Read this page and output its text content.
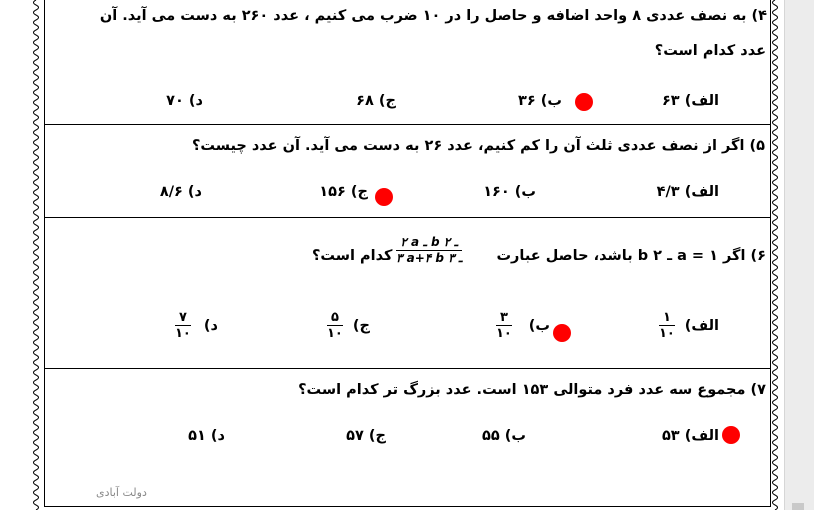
۴) به نصف عددی ۸ واحد اضافه و حاصل را در ۱۰ ضرب می کنیم ، عدد ۲۶۰ به دست می آید. آن
عدد کدام است؟
الف) ۶۳
ب) ۳۶
ج) ۶۸
د) ۷۰
۵) اگر از نصف عددی ثلث آن را کم کنیم، عدد ۲۶ به دست می آید. آن عدد چیست؟
الف) ۴/۳
ب) ۱۶۰
ج) ۱۵۶
د) ۸/۶
۶) اگر ۱ = a ـ ۲ b باشد، حاصل عبارت
۲ a ـ b ـ ۲
۳ a+۴ b ـ ۳
کدام است؟
الف)
۱
۱۰
ب)
۳
۱۰
ج)
۵
۱۰
د)
۷
۱۰
۷) مجموع سه عدد فرد متوالی ۱۵۳ است. عدد بزرگ تر کدام است؟
الف) ۵۳
ب) ۵۵
ج) ۵۷
د) ۵۱
دولت آبادی
